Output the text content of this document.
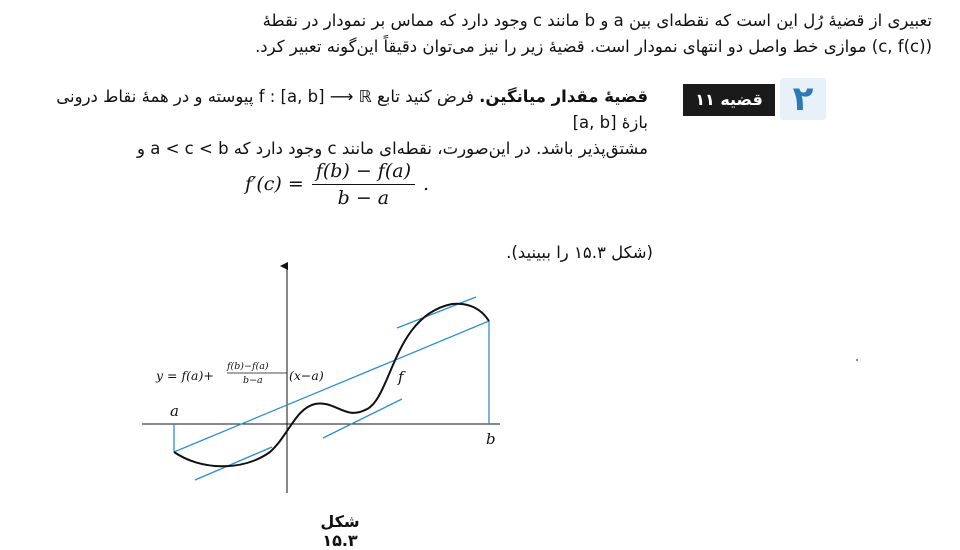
تعبیری از قضیهٔ رُل این است که نقطه‌ای بین a و b مانند c وجود دارد که مماس بر نمودار در نقطهٔ
(c, f(c)) موازی خط واصل دو انتهای نمودار است. قضیهٔ زیر را نیز می‌توان دقیقاً این‌گونه تعبیر کرد.
۱۱ قضیه ۲
قضیهٔ مقدار میانگین. فرض کنید تابع f : [a, b] ⟶ ℝ پیوسته و در همهٔ نقاط درونی بازهٔ [a, b]
مشتق‌پذیر باشد. در این‌صورت، نقطه‌ای مانند c وجود دارد که a < c < b و
$f'(c) = \frac{f(b) - f(a)}{b - a}$ .
(شکل ۱۵.۳ را ببینید).
a
b
f
y = f(a)+
f(b)−f(a)
b−a (x−a)
شکل ۱۵.۳
